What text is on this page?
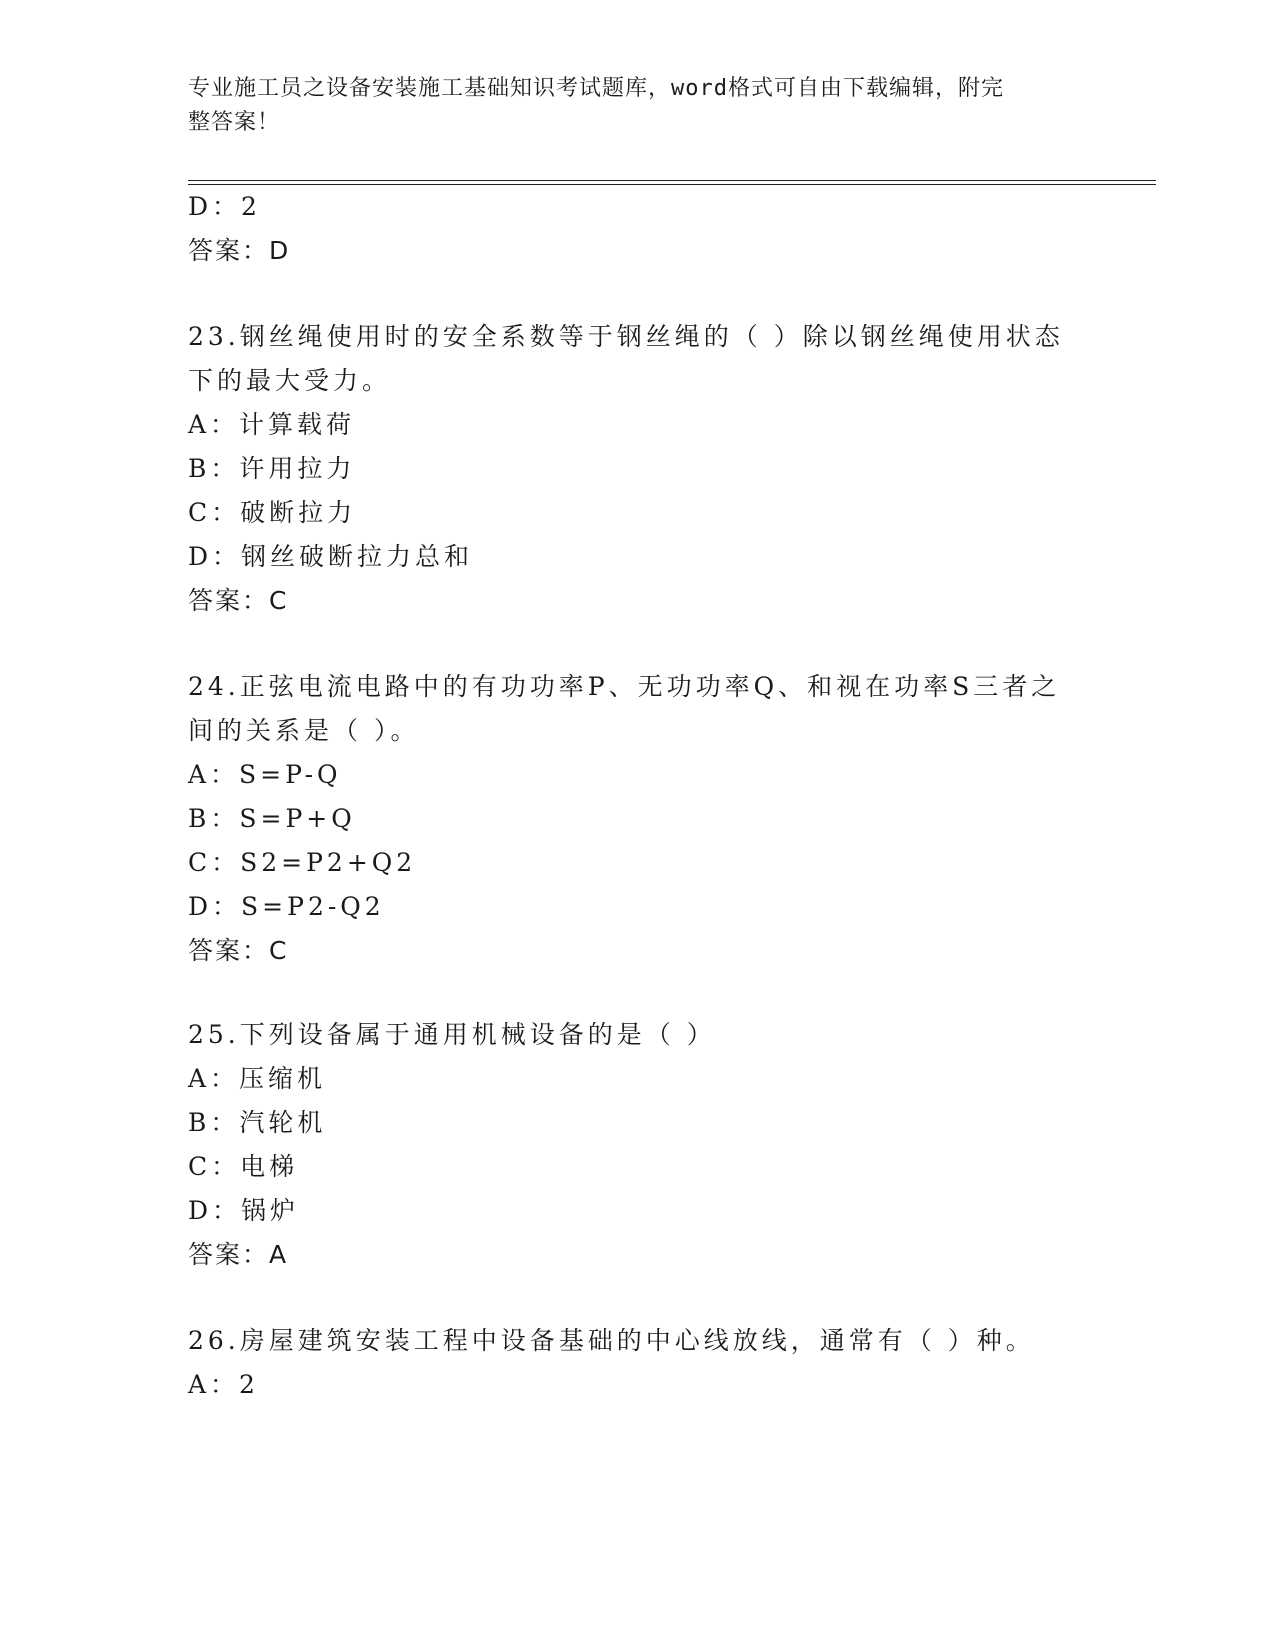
专业施工员之设备安装施工基础知识考试题库，word格式可自由下载编辑，附完
整答案！
D：2
答案：D
23.钢丝绳使用时的安全系数等于钢丝绳的（ ）除以钢丝绳使用状态
下的最大受力。
A：计算载荷
B：许用拉力
C：破断拉力
D：钢丝破断拉力总和
答案：C
24.正弦电流电路中的有功功率P、无功功率Q、和视在功率S三者之
间的关系是（ ）。
A：S=P-Q
B：S=P+Q
C：S2=P2+Q2
D：S=P2-Q2
答案：C
25.下列设备属于通用机械设备的是（ ）
A：压缩机
B：汽轮机
C：电梯
D：锅炉
答案：A
26.房屋建筑安装工程中设备基础的中心线放线，通常有（ ）种。
A：2
